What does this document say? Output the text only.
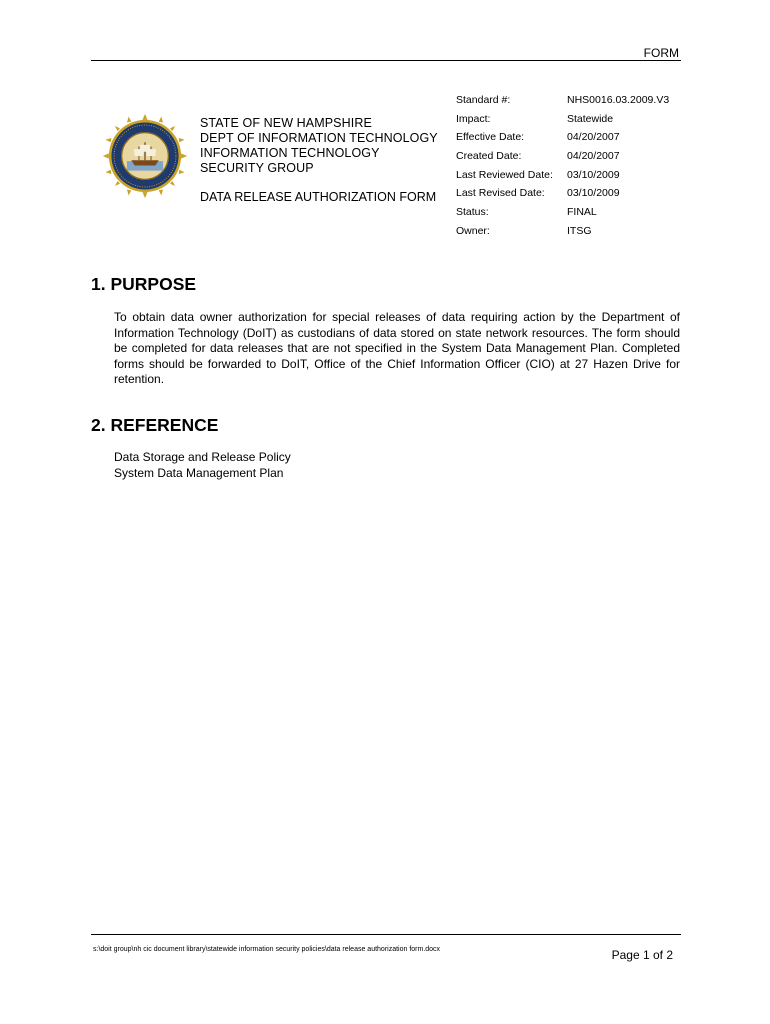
FORM
STATE OF NEW HAMPSHIRE
DEPT OF INFORMATION TECHNOLOGY
INFORMATION TECHNOLOGY
SECURITY GROUP
DATA RELEASE AUTHORIZATION FORM
Standard #:	NHS0016.03.2009.V3
Impact:	Statewide
Effective Date:	04/20/2007
Created Date:	04/20/2007
Last Reviewed Date: 03/10/2009
Last Revised Date: 03/10/2009
Status:	FINAL
Owner:	ITSG
1. PURPOSE
To obtain data owner authorization for special releases of data requiring action by the Department of Information Technology (DoIT) as custodians of data stored on state network resources. The form should be completed for data releases that are not specified in the System Data Management Plan. Completed forms should be forwarded to DoIT, Office of the Chief Information Officer (CIO) at 27 Hazen Drive for retention.
2. REFERENCE
Data Storage and Release Policy
System Data Management Plan
s:\doit group\nh cic document library\statewide information security policies\data release authorization form.docx	Page 1 of 2
